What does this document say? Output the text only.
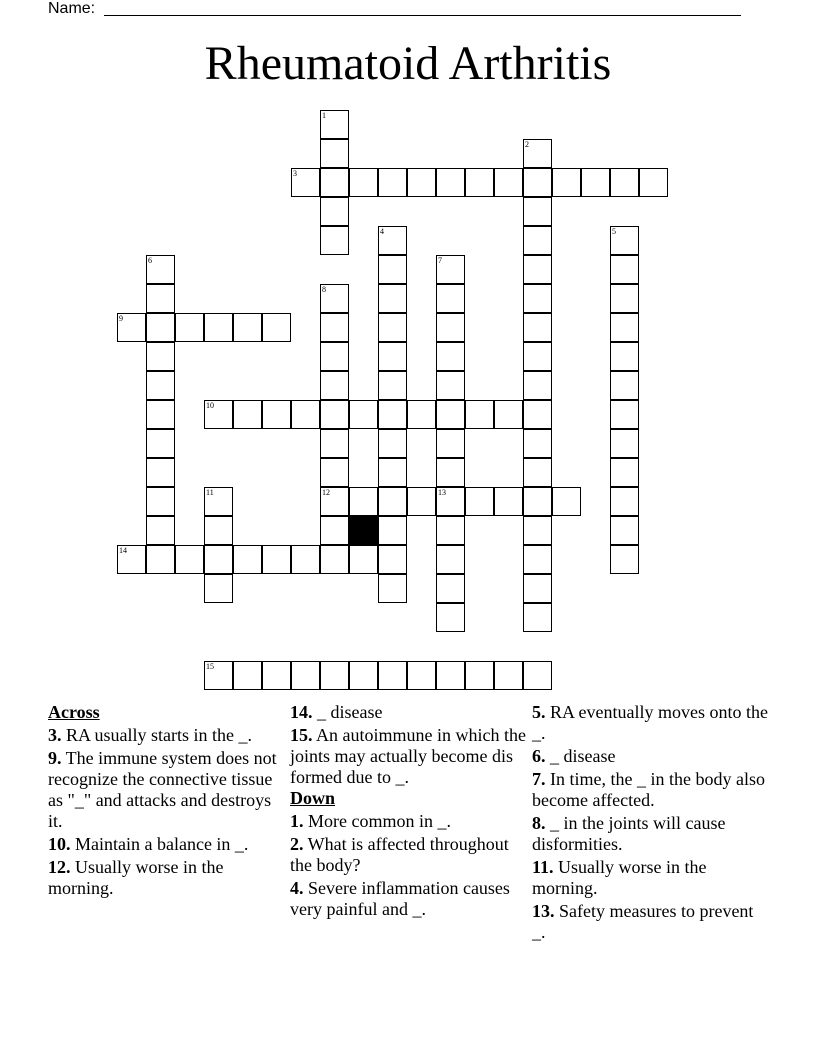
Name:
Rheumatoid Arthritis
1
2
3
4	5
6	7
13
8
12
9
10
11
14
15
Across
3. RA usually starts in the _.
9. The immune system does not recognize the connective tissue as "_" and attacks and destroys it.
10. Maintain a balance in _.
12. Usually worse in the morning.
14. _ disease
15. An autoimmune in which the joints may actually become dis formed due to _.
Down
1. More common in _.
2. What is affected throughout the body?
4. Severe inflammation causes very painful and _.
5. RA eventually moves onto the _.
6. _ disease
7. In time, the _ in the body also become affected.
8. _ in the joints will cause disformities.
11. Usually worse in the morning.
13. Safety measures to prevent _.
